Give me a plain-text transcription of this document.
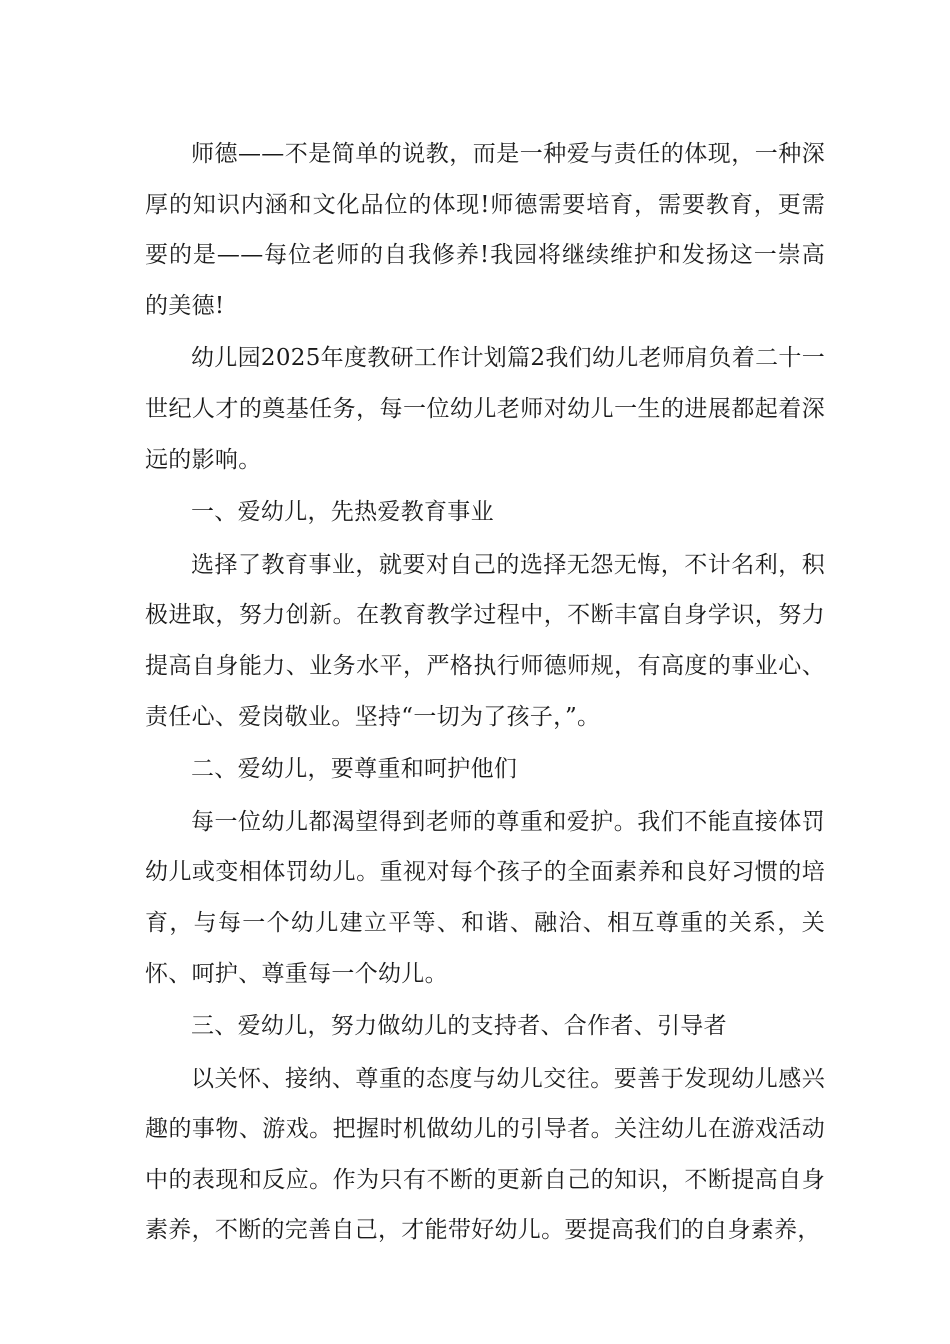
师德——不是简单的说教，而是一种爱与责任的体现，一种深厚的知识内涵和文化品位的体现!师德需要培育，需要教育，更需要的是——每位老师的自我修养!我园将继续维护和发扬这一崇高的美德!

幼儿园2025年度教研工作计划篇2我们幼儿老师肩负着二十一世纪人才的奠基任务，每一位幼儿老师对幼儿一生的进展都起着深远的影响。

一、爱幼儿，先热爱教育事业

选择了教育事业，就要对自己的选择无怨无悔，不计名利，积极进取，努力创新。在教育教学过程中，不断丰富自身学识，努力提高自身能力、业务水平，严格执行师德师规，有高度的事业心、责任心、爱岗敬业。坚持“一切为了孩子，”。

二、爱幼儿，要尊重和呵护他们

每一位幼儿都渴望得到老师的尊重和爱护。我们不能直接体罚幼儿或变相体罚幼儿。重视对每个孩子的全面素养和良好习惯的培育，与每一个幼儿建立平等、和谐、融洽、相互尊重的关系，关怀、呵护、尊重每一个幼儿。

三、爱幼儿，努力做幼儿的支持者、合作者、引导者

以关怀、接纳、尊重的态度与幼儿交往。要善于发现幼儿感兴趣的事物、游戏。把握时机做幼儿的引导者。关注幼儿在游戏活动中的表现和反应。作为只有不断的更新自己的知识，不断提高自身素养，不断的完善自己，才能带好幼儿。要提高我们的自身素养，
